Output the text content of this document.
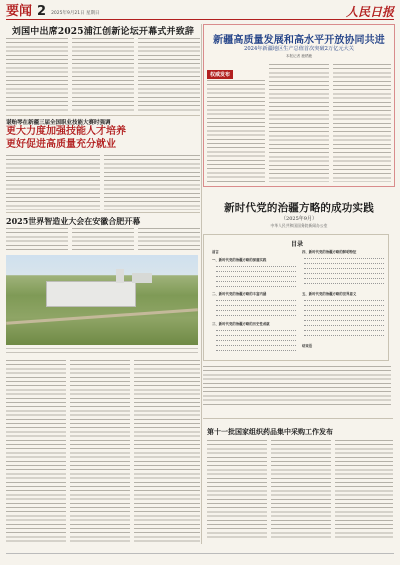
要闻 2 2025年9月21日 星期日	人民日报
刘国中出席2025浦江创新论坛开幕式并致辞
谌贻琴在新疆三届全国职业技能大赛时强调
更大力度加强技能人才培养
更好促进高质量充分就业
2025世界智造业大会在安徽合肥开幕
新疆高质量发展和高水平开放协同共进
2024年新疆地区生产总值首次突破2万亿元大关
本报记者 鹿栖鹿
权威发布
新时代党的治疆方略的成功实践
（2025年9月）
中华人民共和国国务院新闻办公室
目录
前言
一、新时代党的治疆方略的深邃实践
二、新时代党的治疆方略的丰富内涵
三、新时代党的治疆方略的历史性成就
四、新时代党的治疆方略的鲜明特征
五、新时代党的治疆方略的世界意义
结束语
第十一批国家组织药品集中采购工作发布
